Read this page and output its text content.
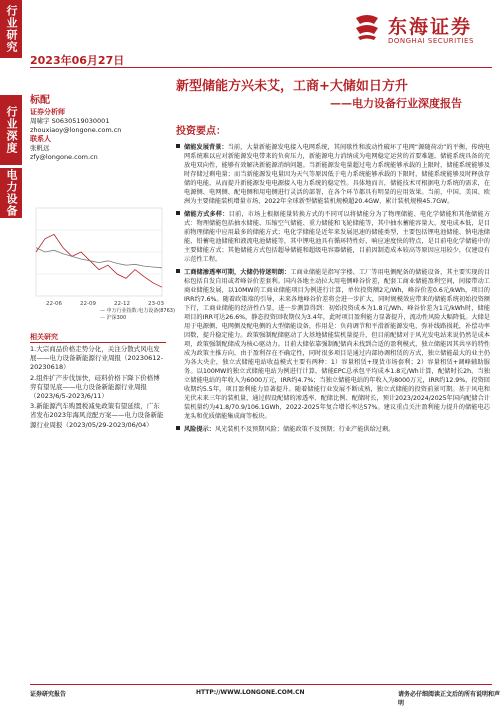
行业研究
行业深度
电力设备
东海证券
DONGHAI SECURITIES
2023年06月27日
新型储能方兴未艾，工商+大储如日方升
——电力设备行业深度报告
标配

证券分析师

周啸宇 S0630519030001

zhouxiaoy@longone.com.cn

联系人

张帆远

zfy@longone.com.cn

22-06	22-09	22-12	23-03
— 申万行业指数:电力设备(8763)
— 沪深300
相关研究

1.大宗商品价格走势分化，关注分散式风电发展——电力设备新能源行业周报（20230612-20230618）

2.组件扩产步伐加快，硅料价格下降下价格博弈有望见底——电力设备新能源行业周报（2023/6/5-2023/6/11）

3.新能源汽车购置税减免政策有望延续，广东省发布2023年海风竞配方案——电力设备新能源行业周报（2023/05/29-2023/06/04）

投资要点：
储能发展背景：当前，大量新能源发电接入电网系统，其间歇性和波动性破坏了电网“源随荷动”的平衡，传统电网系统难以应对新能源发电带来的负荷压力，新能源电力消纳成为电网稳定运营的首要难题。储能系统具备的充放电双向性，能够有效解决新能源消纳问题。当新能源发电量超过电力系统能够承载的上限时，储能系统能够及时存储过剩电量；而当新能源发电量因为天气等原因低于电力系统能够承载的下限时，储能系统能够及时释放存储的电能，从而提升新能源发电电源接入电力系统的稳定性。具体地而言，储能技术可根据电力系统的需求，在电源侧、电网侧、配电侧和用电侧进行灵活的部署，在各个环节都具有明显的应用效果。当前，中国、美国、欧洲为主要储能装机增量市场，2022年全球新型储能装机规模超20.4GW，累计装机规模45.7GW。
储能方式多样：目前，市场上根据能量转换方式的不同可以将储能分为了物理储能、电化学储能和其他储能方式：物理储能包括抽水储能、压缩空气储能、重力储能和飞轮储能等，其中抽水蓄能容量大、度电成本低，是目前物理储能中应用最多的储能方式；电化学储能是近年来发展迅速的储能类型，主要包括锂电池储能、钠电池储能、铅蓄电池储能和液流电池储能等，其中锂电池具有循环特性好、响应速度快的特点，是目前电化学储能中的主要储能方式；其他储能方式包括超导储能和超级电容器储能，目前因制造成本较高等原因应用较少，仅建设有示范性工程。
工商储渗透率可期，大储仍待迷明朗：工商业储能是指写字楼、工厂等用电侧配备的储能设备，其主要实现的目标包括自发自用或者峰谷价差套利。国内各地主动拉大用电侧峰谷价差，配套工商业储能盈利空间，间接带动工商业储能发展，以10MW的工商业储能项目为例进行计算，单位投资额2元/Wh，峰谷价差0.6元/kWh，项目的IRR约7.6%。随着政策端的引导，未来各地峰谷价差将会进一步扩大，同时规模效应带来的储能系统初始投资额下行，工商业储能的经济性凸显，进一步测算得到：初始投资成本为1.8元/Wh、峰谷价差为1元/kWh时，储能项目的IRR可达26.6%，静态投资回收期仅为3.4年，此时项目盈利能力显著提升，流动性风险大幅降低。大储是用于电源侧、电网侧及配电侧的大型储能设备，作用是：负荷调节和平滑新能源发电，弥补线路损耗，补偿功率因数，提升稳定能力。政策强制配储驱动了大基地储能装机量提升，但目前配储对于风光发电站来说仍然是成本项，政策强制配储成为核心驱动力。目前大储依靠强制配储尚未找到合适的盈利模式，独立储能因其共享的特性成为政策主推方向，由于盈利存在不确定性，同时很多项目是通过内部协调租赁的方式，独立储能最大的业主仍为各大央企，独立式储能电站收益模式主要有两种：1）容量租赁+现货市场套利；2）容量租赁+调峰辅助服务。以100MW的独立式储能电站为例进行计算，储能EPC总承包平均成本1.8元/Wh计算，配储时长2h，当独立储能电站的年收入为6000万元，IRR约4.7%；当独立储能电站的年收入为8000万元，IRR约12.9%，投资回收期约5.5年。项目盈利能力显著提升。随着储能行业发展不断成熟，独立式储能的投资前景可期。基于风电和光伏未来三年的装机量，通过假设配储的渗透率、配储比例、配储时长，预计2023/2024/2025年国内配储合计装机量约为41.8/70.9/106.1GWh，2022-2025年复合增长率达57%。建议重点关注盈利能力提升的储能电芯龙头和优质储能集成商等板块。
风险提示：风光装机不及预期风险；储能政策不及预期；行业产能供给过剩。
证券研究报告	HTTP://WWW.LONGONE.COM.CN	请务必仔细阅读正文后的所有说明和声明
